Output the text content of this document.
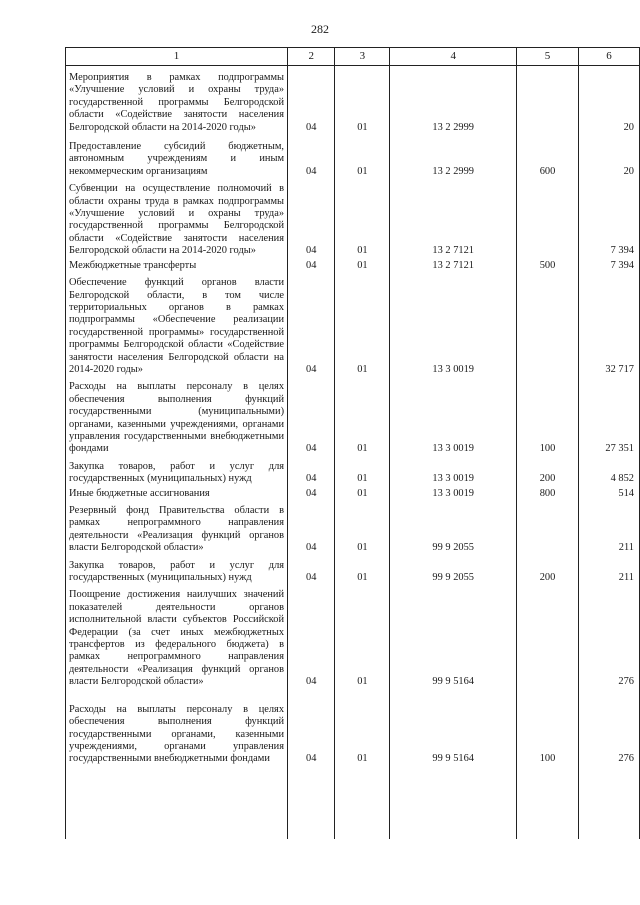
282
1	2	3	4	5	6
Мероприятия в рамках подпрограммы «Улучшение условий и охраны труда» государственной программы Белгородской области «Содействие занятости населения Белгородской области на 2014-2020 годы»	04	01	13 2 2999		20
Предоставление субсидий бюджетным, автономным учреждениям и иным некоммерческим организациям	04	01	13 2 2999	600	20
Субвенции на осуществление полномочий в области охраны труда в рамках подпрограммы «Улучшение условий и охраны труда» государственной программы Белгородской области «Содействие занятости населения Белгородской области на 2014-2020 годы»	04	01	13 2 7121		7 394
Межбюджетные трансферты	04	01	13 2 7121	500	7 394
Обеспечение функций органов власти Белгородской области, в том числе территориальных органов в рамках подпрограммы «Обеспечение реализации государственной программы» государственной программы Белгородской области «Содействие занятости населения Белгородской области на 2014-2020 годы»	04	01	13 3 0019		32 717
Расходы на выплаты персоналу в целях обеспечения выполнения функций государственными (муниципальными) органами, казенными учреждениями, органами управления государственными внебюджетными фондами	04	01	13 3 0019	100	27 351
Закупка товаров, работ и услуг для государственных (муниципальных) нужд	04	01	13 3 0019	200	4 852
Иные бюджетные ассигнования	04	01	13 3 0019	800	514
Резервный фонд Правительства области в рамках непрограммного направления деятельности «Реализация функций органов власти Белгородской области»	04	01	99 9 2055		211
Закупка товаров, работ и услуг для государственных (муниципальных) нужд	04	01	99 9 2055	200	211
Поощрение достижения наилучших значений показателей деятельности органов исполнительной власти субъектов Российской Федерации (за счет иных межбюджетных трансфертов из федерального бюджета) в рамках непрограммного направления деятельности «Реализация функций органов власти Белгородской области»	04	01	99 9 5164		276
Расходы на выплаты персоналу в целях обеспечения выполнения функций государственными органами, казенными учреждениями, органами управления государственными внебюджетными фондами	04	01	99 9 5164	100	276
